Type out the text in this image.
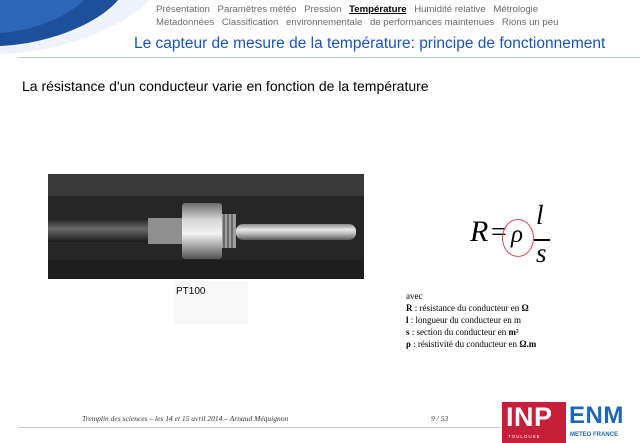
Présentation Paramètres météo Pression Température Humidité relative Métrologie
Métadonnées Classification environnementale de performances maintenues Rions un peu
Le capteur de mesure de la température: principe de fonctionnement

La résistance d'un conducteur varie en fonction de la température

PT100
R = ρ
l
s
avec
R : résistance du conducteur en Ω
l : longueur du conducteur en m
s : section du conducteur en m²
ρ : résistivité du conducteur en Ω.m
Tremplin des sciences – les 14 et 15 avril 2014 – Arnaud Méquignon	9 / 53 INP
TOULOUSE
ENM
METEO FRANCE
